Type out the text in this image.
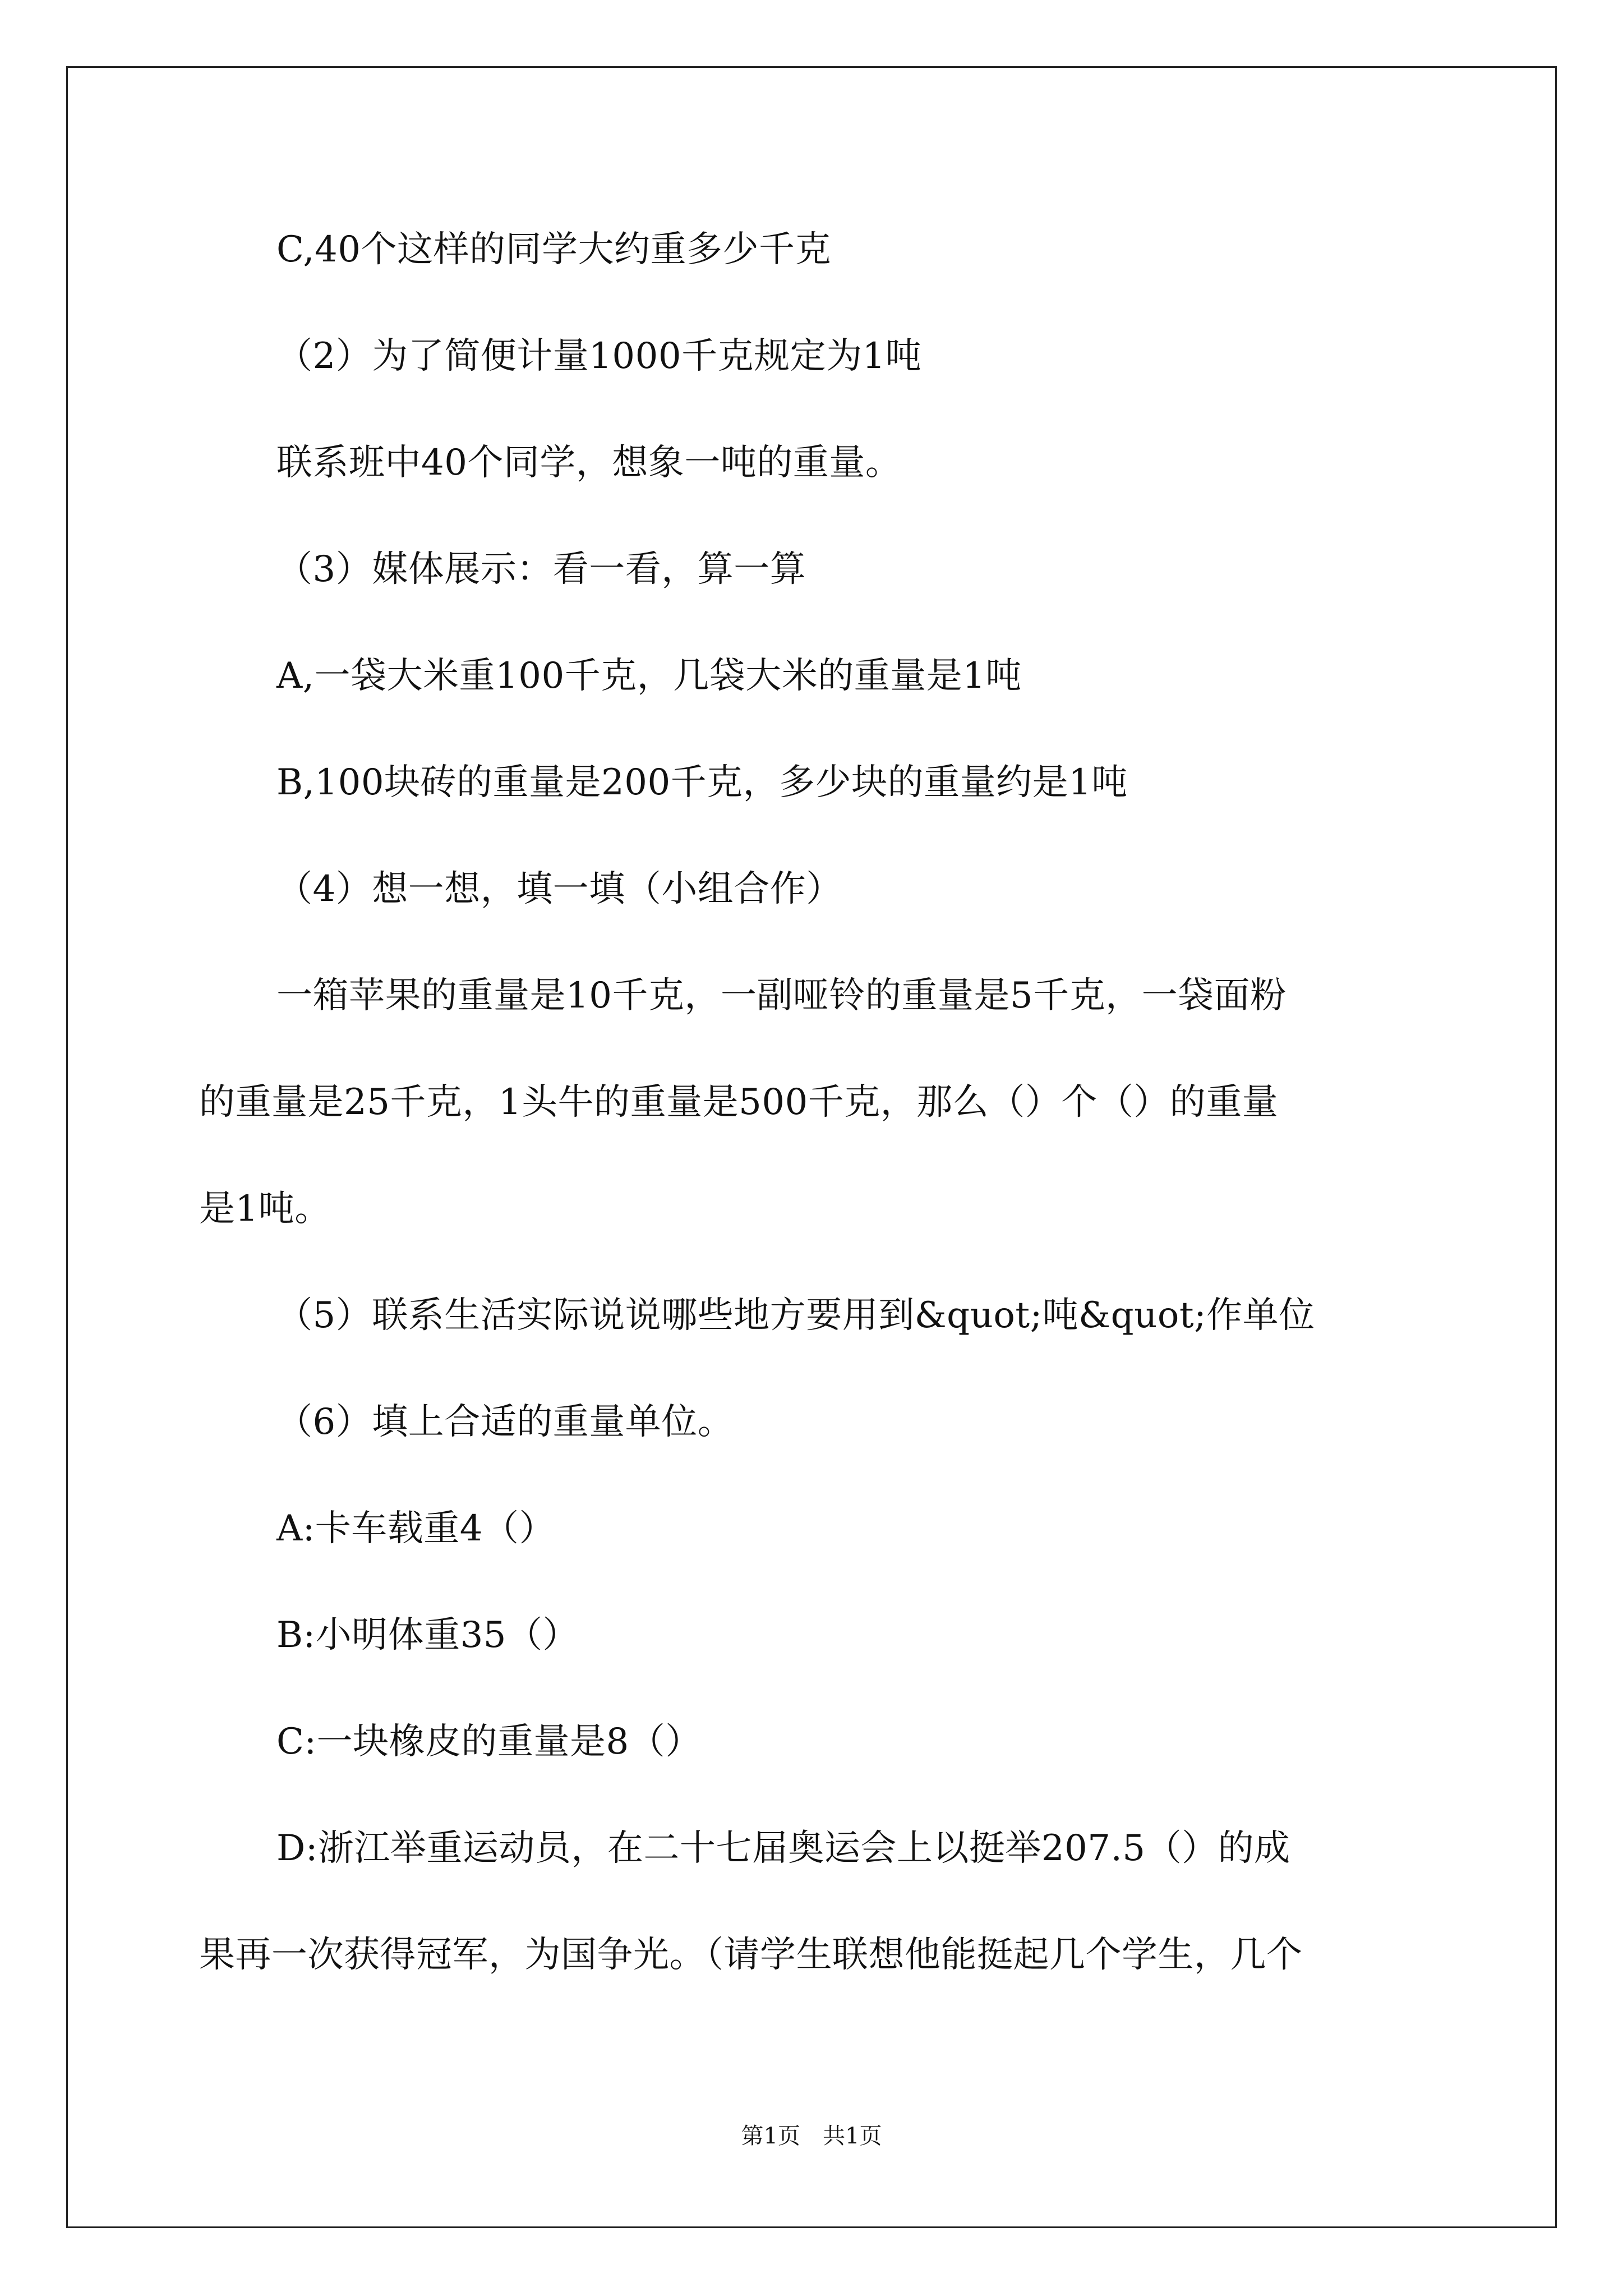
C,40个这样的同学大约重多少千克
（2）为了简便计量1000千克规定为1吨
联系班中40个同学，想象一吨的重量。
（3）媒体展示：看一看，算一算
A,一袋大米重100千克，几袋大米的重量是1吨
B,100块砖的重量是200千克，多少块的重量约是1吨
（4）想一想，填一填（小组合作）
一箱苹果的重量是10千克，一副哑铃的重量是5千克，一袋面粉
的重量是25千克，1头牛的重量是500千克，那么（）个（）的重量
是1吨。
（5）联系生活实际说说哪些地方要用到&quot;吨&quot;作单位
（6）填上合适的重量单位。
A:卡车载重4（）
B:小明体重35（）
C:一块橡皮的重量是8（）
D:浙江举重运动员，在二十七届奥运会上以挺举207.5（）的成
果再一次获得冠军，为国争光。（请学生联想他能挺起几个学生，几个
第1页　共1页
